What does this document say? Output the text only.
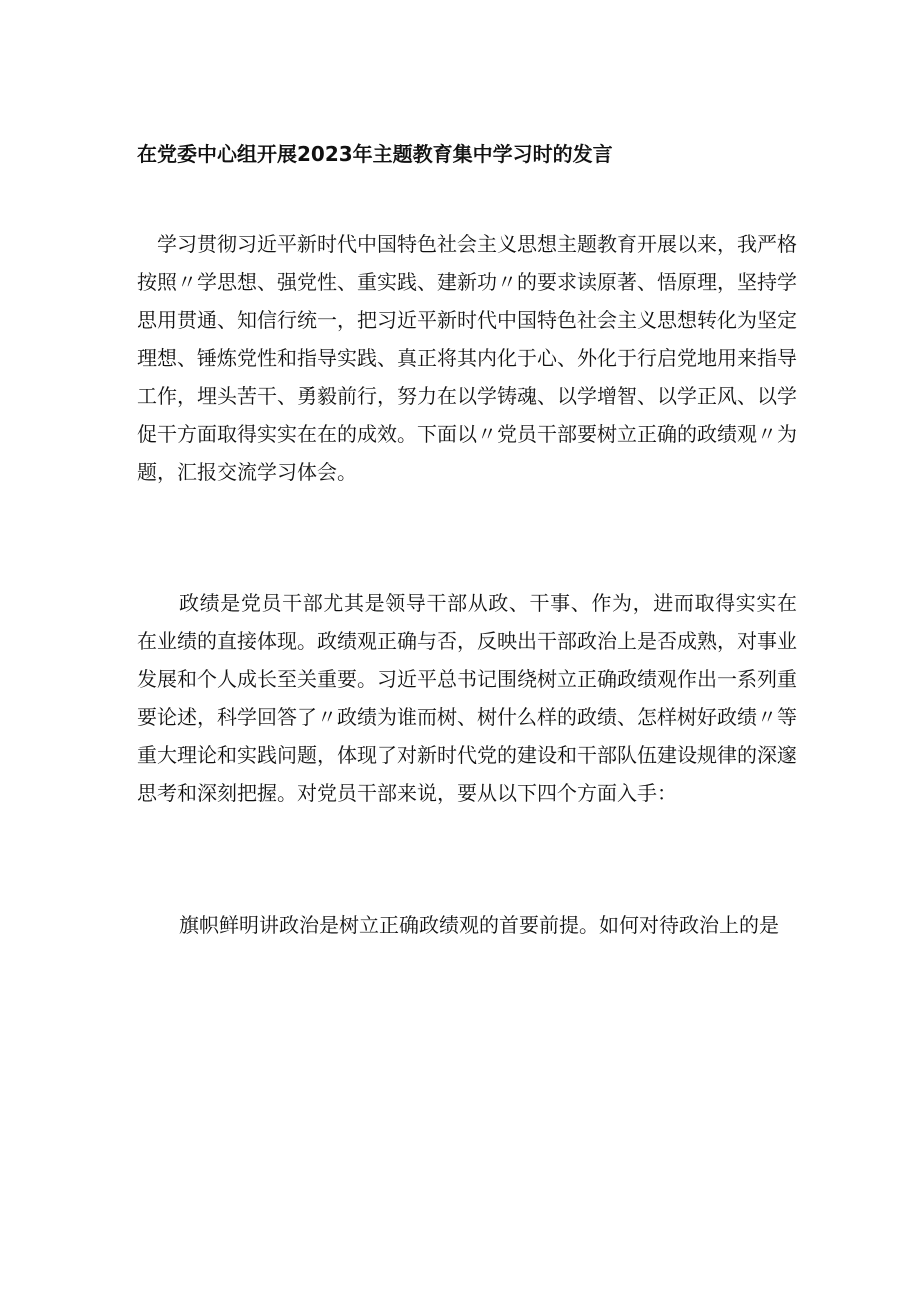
在党委中心组开展2023年主题教育集中学习时的发言

学习贯彻习近平新时代中国特色社会主义思想主题教育开展以来，我严格按照〃学思想、强党性、重实践、建新功〃的要求读原著、悟原理，坚持学思用贯通、知信行统一，把习近平新时代中国特色社会主义思想转化为坚定理想、锤炼党性和指导实践、真正将其内化于心、外化于行启党地用来指导工作，埋头苦干、勇毅前行，努力在以学铸魂、以学增智、以学正风、以学促干方面取得实实在在的成效。下面以〃党员干部要树立正确的政绩观〃为题，汇报交流学习体会。

政绩是党员干部尤其是领导干部从政、干事、作为，进而取得实实在在业绩的直接体现。政绩观正确与否，反映出干部政治上是否成熟，对事业发展和个人成长至关重要。习近平总书记围绕树立正确政绩观作出一系列重要论述，科学回答了〃政绩为谁而树、树什么样的政绩、怎样树好政绩〃等重大理论和实践问题，体现了对新时代党的建设和干部队伍建设规律的深邃思考和深刻把握。对党员干部来说，要从以下四个方面入手：

旗帜鲜明讲政治是树立正确政绩观的首要前提。如何对待政治上的是
